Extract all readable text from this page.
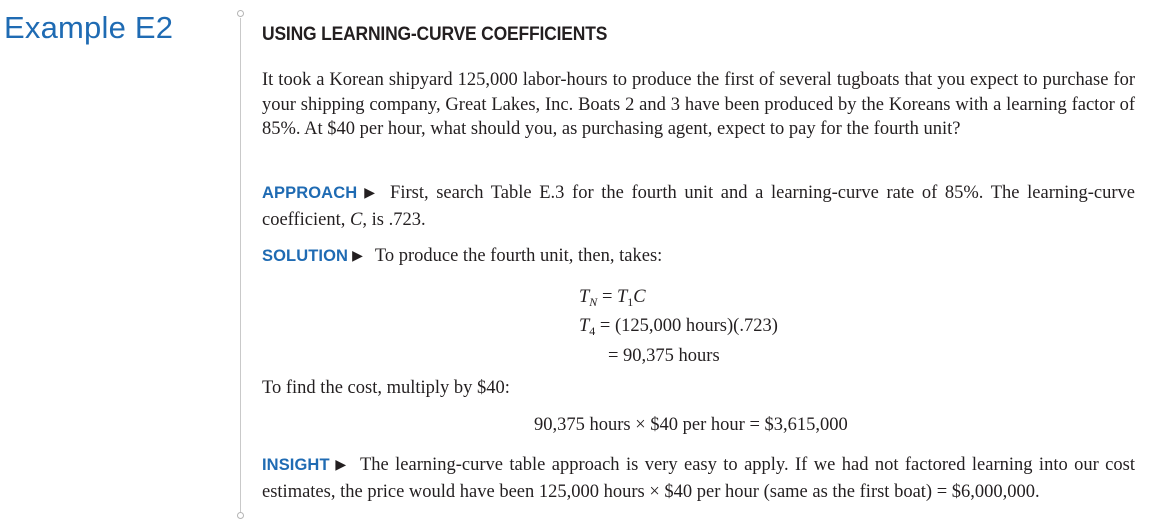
Example E2	USING LEARNING-CURVE COEFFICIENTS

It took a Korean shipyard 125,000 labor-hours to produce the first of several tugboats that you expect to purchase for your shipping company, Great Lakes, Inc. Boats 2 and 3 have been produced by the Koreans with a learning factor of 85%. At $40 per hour, what should you, as purchasing agent, expect to pay for the fourth unit?

APPROACH ▶ First, search Table E.3 for the fourth unit and a learning-curve rate of 85%. The learning-curve coefficient, C, is .723.

SOLUTION ▶ To produce the fourth unit, then, takes:

$T_N = T_1C$
$T_4 = (125,000$ hours)(.723)
= 90,375 hours
To find the cost, multiply by $40:
90,375 hours × $40 per hour = $3,615,000

INSIGHT ▶ The learning-curve table approach is very easy to apply. If we had not factored learning into our cost estimates, the price would have been 125,000 hours × $40 per hour (same as the first boat) = $6,000,000.
